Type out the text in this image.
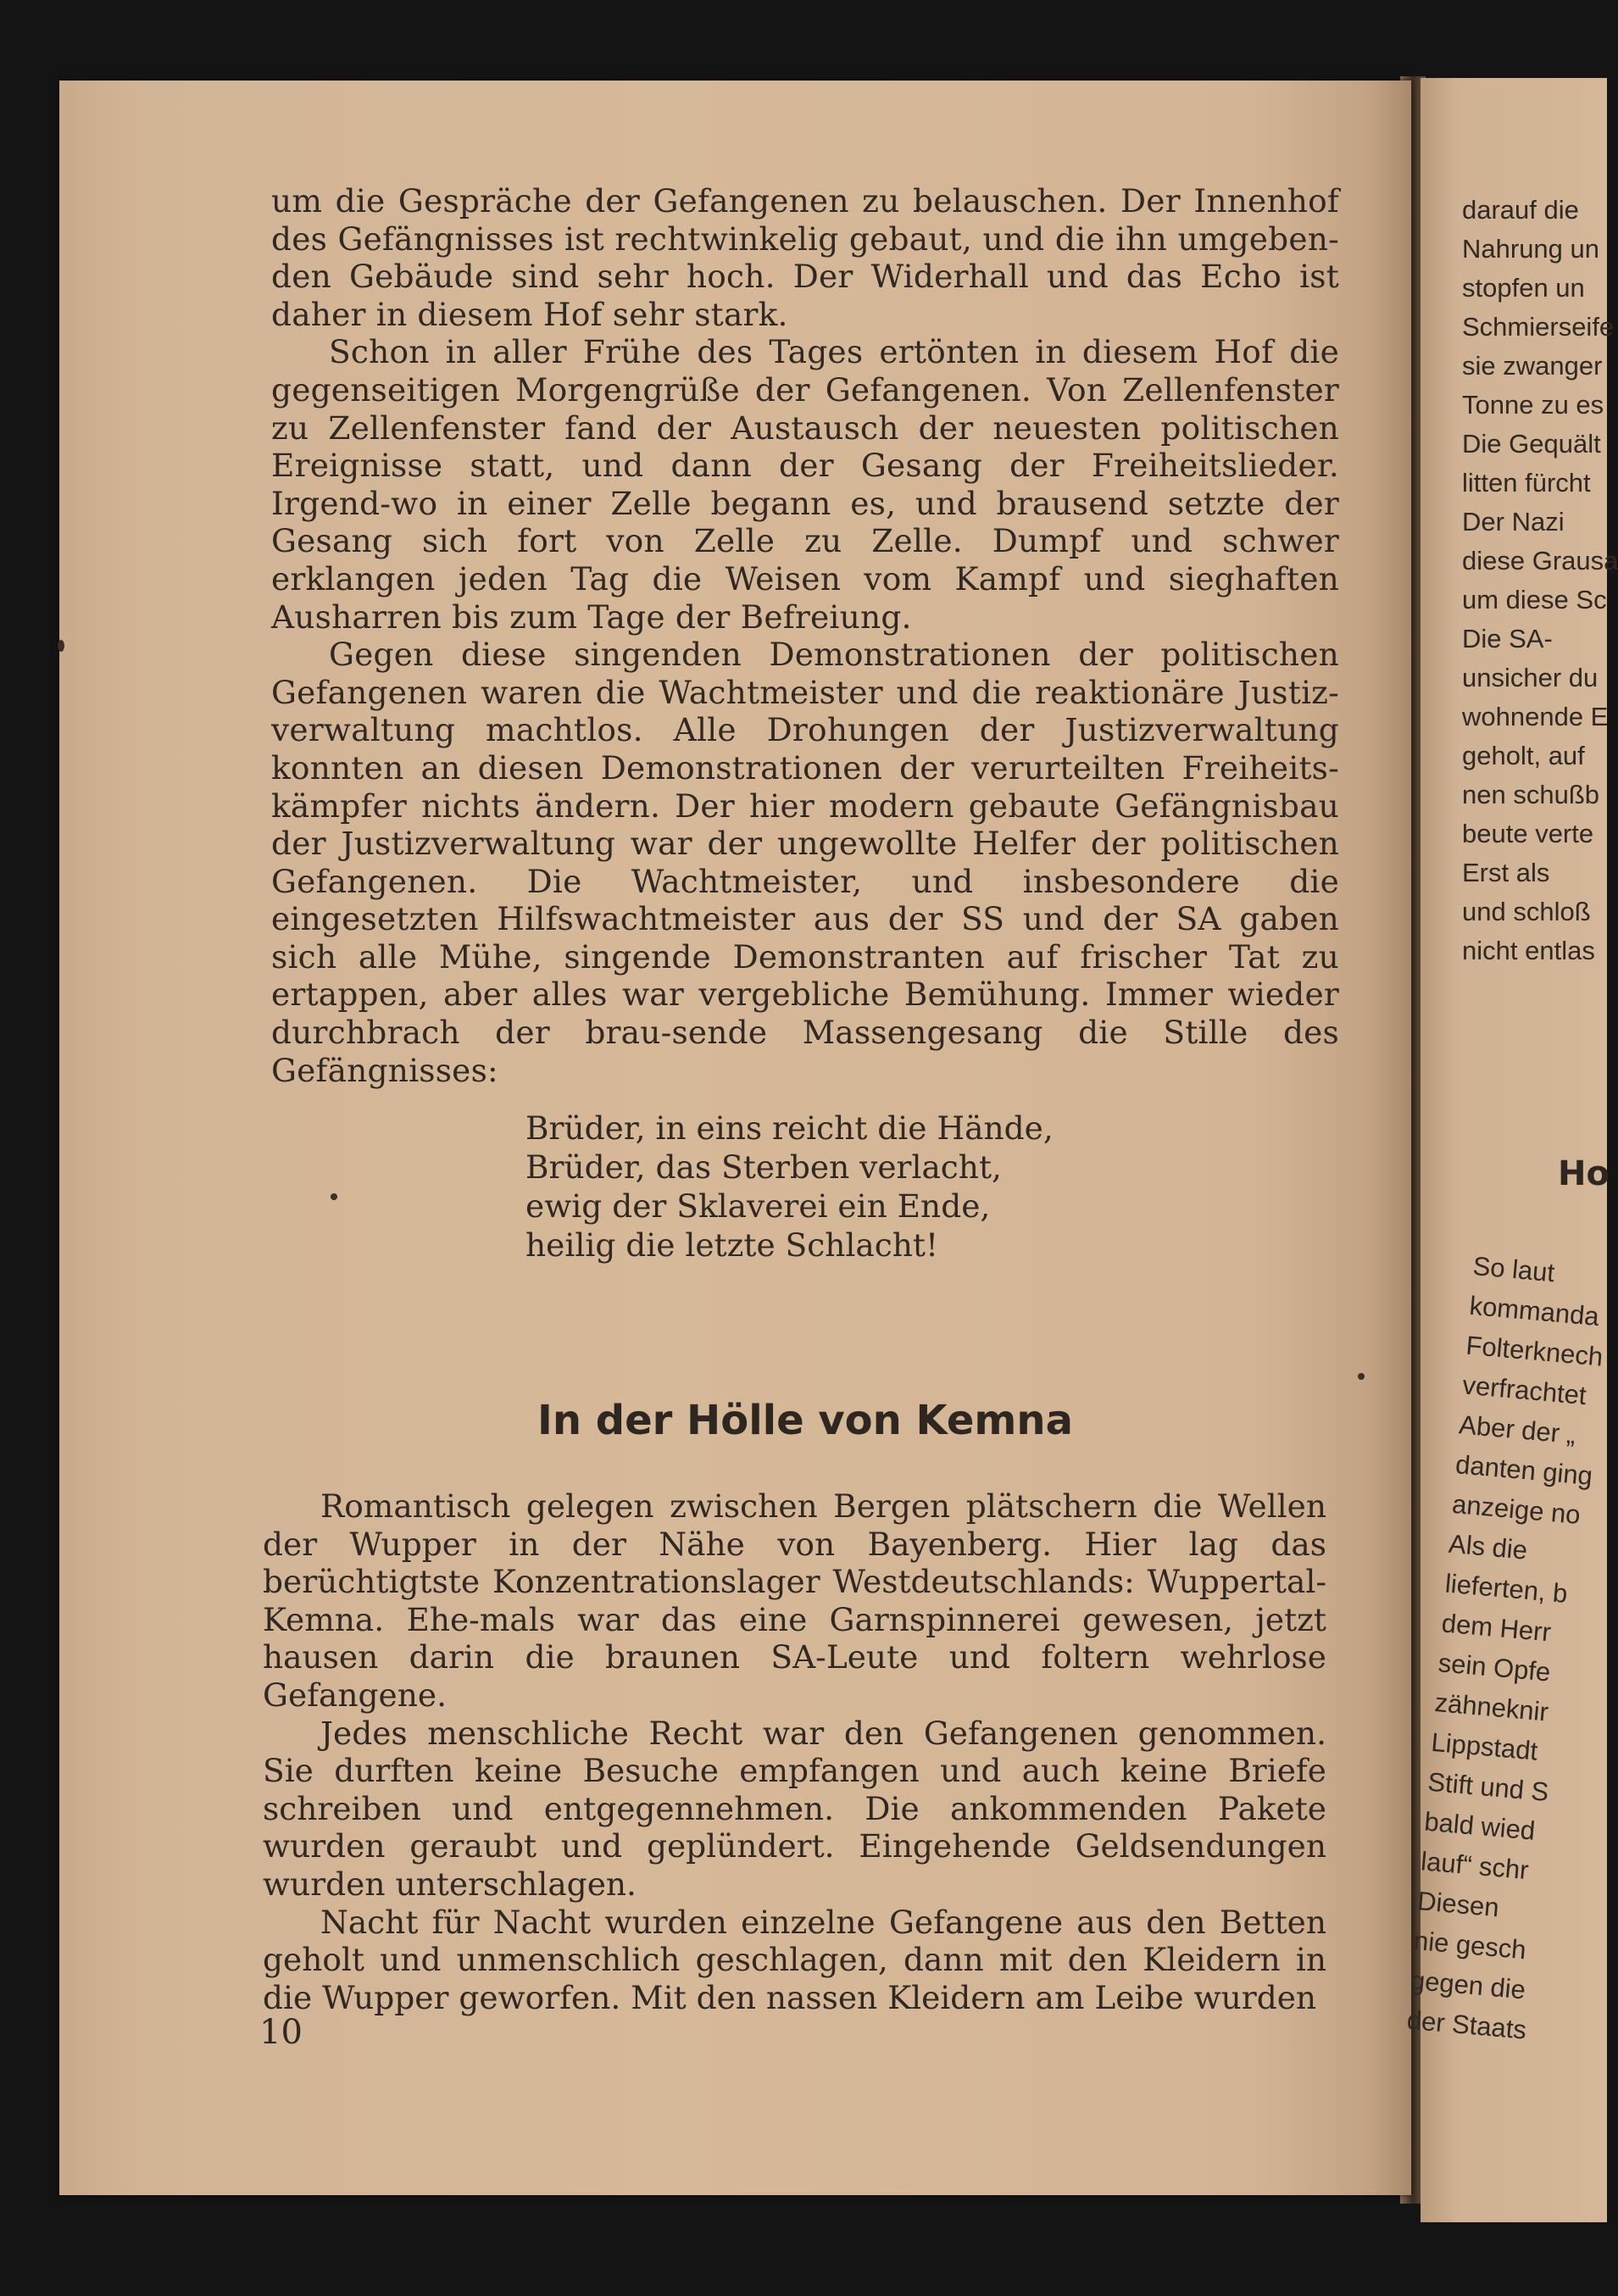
um die Gespräche der Gefangenen zu belauschen. Der Innenhof des Gefängnisses ist rechtwinkelig gebaut, und die ihn umgeben-den Gebäude sind sehr hoch. Der Widerhall und das Echo ist daher in diesem Hof sehr stark.

Schon in aller Frühe des Tages ertönten in diesem Hof die gegenseitigen Morgengrüße der Gefangenen. Von Zellenfenster zu Zellenfenster fand der Austausch der neuesten politischen Ereignisse statt, und dann der Gesang der Freiheitslieder. Irgend-wo in einer Zelle begann es, und brausend setzte der Gesang sich fort von Zelle zu Zelle. Dumpf und schwer erklangen jeden Tag die Weisen vom Kampf und sieghaften Ausharren bis zum Tage der Befreiung.

Gegen diese singenden Demonstrationen der politischen Gefangenen waren die Wachtmeister und die reaktionäre Justiz-verwaltung machtlos. Alle Drohungen der Justizverwaltung konnten an diesen Demonstrationen der verurteilten Freiheits-kämpfer nichts ändern. Der hier modern gebaute Gefängnisbau der Justizverwaltung war der ungewollte Helfer der politischen Gefangenen. Die Wachtmeister, und insbesondere die eingesetzten Hilfswachtmeister aus der SS und der SA gaben sich alle Mühe, singende Demonstranten auf frischer Tat zu ertappen, aber alles war vergebliche Bemühung. Immer wieder durchbrach der brau-sende Massengesang die Stille des Gefängnisses:

Brüder, in eins reicht die Hände,
Brüder, das Sterben verlacht,
ewig der Sklaverei ein Ende,
heilig die letzte Schlacht!
In der Hölle von Kemna

Romantisch gelegen zwischen Bergen plätschern die Wellen der Wupper in der Nähe von Bayenberg. Hier lag das berüchtigtste Konzentrationslager Westdeutschlands: Wuppertal-Kemna. Ehe-mals war das eine Garnspinnerei gewesen, jetzt hausen darin die braunen SA-Leute und foltern wehrlose Gefangene.

Jedes menschliche Recht war den Gefangenen genommen. Sie durften keine Besuche empfangen und auch keine Briefe schreiben und entgegennehmen. Die ankommenden Pakete wurden geraubt und geplündert. Eingehende Geldsendungen wurden unterschlagen.

Nacht für Nacht wurden einzelne Gefangene aus den Betten geholt und unmenschlich geschlagen, dann mit den Kleidern in die Wupper geworfen. Mit den nassen Kleidern am Leibe wurden

10
darauf die
Nahrung un
stopfen un
Schmierseife
sie zwanger
Tonne zu es
Die Gequält
litten fürcht
Der Nazi
diese Grausa
um diese Sc
Die SA-
unsicher du
wohnende E
geholt, auf
nen schußb
beute verte
Erst als
und schloß
nicht entlas
Ho
So laut
kommanda
Folterknech
verfrachtet
Aber der „
danten ging
anzeige no
Als die
lieferten, b
dem Herr
sein Opfe
zähneknir
Lippstadt
Stift und S
bald wied
lauf“ schr
Diesen
nie gesch
gegen die
der Staats
